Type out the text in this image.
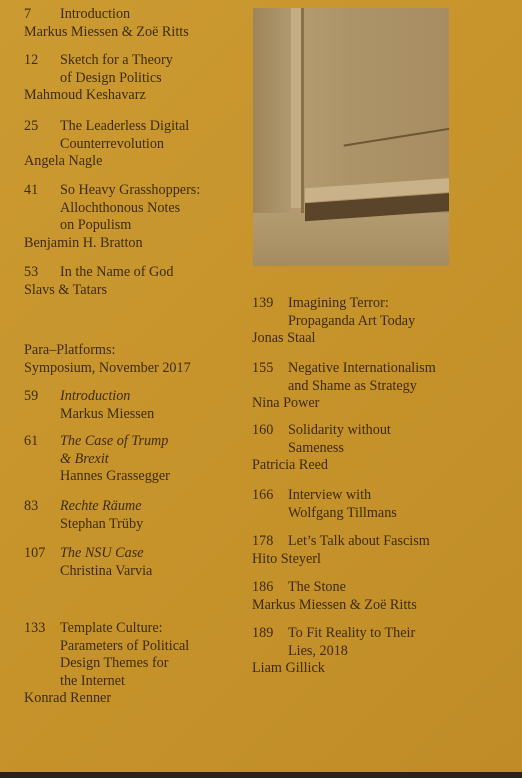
7	Introduction
Markus Miessen & Zoë Ritts
12	Sketch for a Theory
of Design Politics
Mahmoud Keshavarz
25	The Leaderless Digital
Counterrevolution
Angela Nagle
41	So Heavy Grasshoppers:
Allochthonous Notes
on Populism
Benjamin H. Bratton
53	In the Name of God
Slavs & Tatars
Para–Platforms:
Symposium, November 2017
59	Introduction
Markus Miessen
61	The Case of Trump
& Brexit
Hannes Grassegger
83	Rechte Räume
Stephan Trüby
107	The NSU Case
Christina Varvia
133	Template Culture:
Parameters of Political
Design Themes for
the Internet
Konrad Renner
139	Imagining Terror:
Propaganda Art Today
Jonas Staal
155	Negative Internationalism
and Shame as Strategy
Nina Power
160	Solidarity without
Sameness
Patricia Reed
166	Interview with
Wolfgang Tillmans
178	Let’s Talk about Fascism
Hito Steyerl
186	The Stone
Markus Miessen & Zoë Ritts
189	To Fit Reality to Their
Lies, 2018
Liam Gillick
